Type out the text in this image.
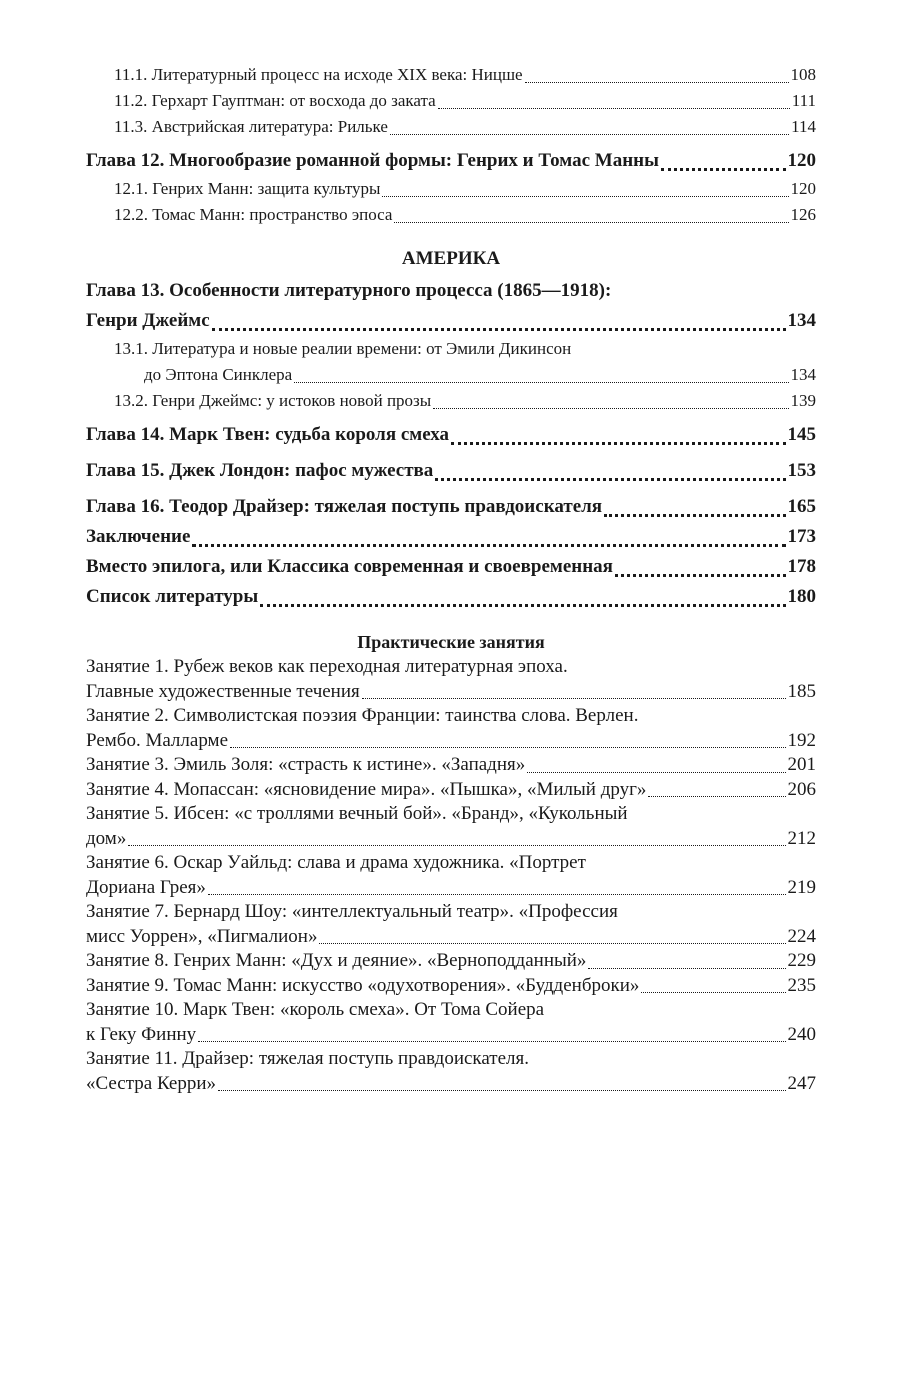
11.1. Литературный процесс на исходе XIX века: Ницше	108
11.2. Герхарт Гауптман: от восхода до заката	111
11.3. Австрийская литература: Рильке	114
Глава 12. Многообразие романной формы: Генрих и Томас Манны	120
12.1. Генрих Манн: защита культуры	120
12.2. Томас Манн: пространство эпоса	126
АМЕРИКА
Глава 13. Особенности литературного процесса (1865—1918):
Генри Джеймс	134
13.1. Литература и новые реалии времени: от Эмили Дикинсон
до Эптона Синклера	134
13.2. Генри Джеймс: у истоков новой прозы	139
Глава 14. Марк Твен: судьба короля смеха	145
Глава 15. Джек Лондон: пафос мужества	153
Глава 16. Теодор Драйзер: тяжелая поступь правдоискателя	165
Заключение	173
Вместо эпилога, или Классика современная и своевременная	178
Список литературы	180
Практические занятия
Занятие 1. Рубеж веков как переходная литературная эпоха.
Главные художественные течения	185
Занятие 2. Символистская поэзия Франции: таинства слова. Верлен.
Рембо. Малларме	192
Занятие 3. Эмиль Золя: «страсть к истине». «Западня»	201
Занятие 4. Мопассан: «ясновидение мира». «Пышка», «Милый друг»	206
Занятие 5. Ибсен: «с троллями вечный бой». «Бранд», «Кукольный
дом»	212
Занятие 6. Оскар Уайльд: слава и драма художника. «Портрет
Дориана Грея»	219
Занятие 7. Бернард Шоу: «интеллектуальный театр». «Профессия
мисс Уоррен», «Пигмалион»	224
Занятие 8. Генрих Манн: «Дух и деяние». «Верноподданный»	229
Занятие 9. Томас Манн: искусство «одухотворения». «Будденброки»	235
Занятие 10. Марк Твен: «король смеха». От Тома Сойера
к Геку Финну	240
Занятие 11. Драйзер: тяжелая поступь правдоискателя.
«Сестра Керри»	247
